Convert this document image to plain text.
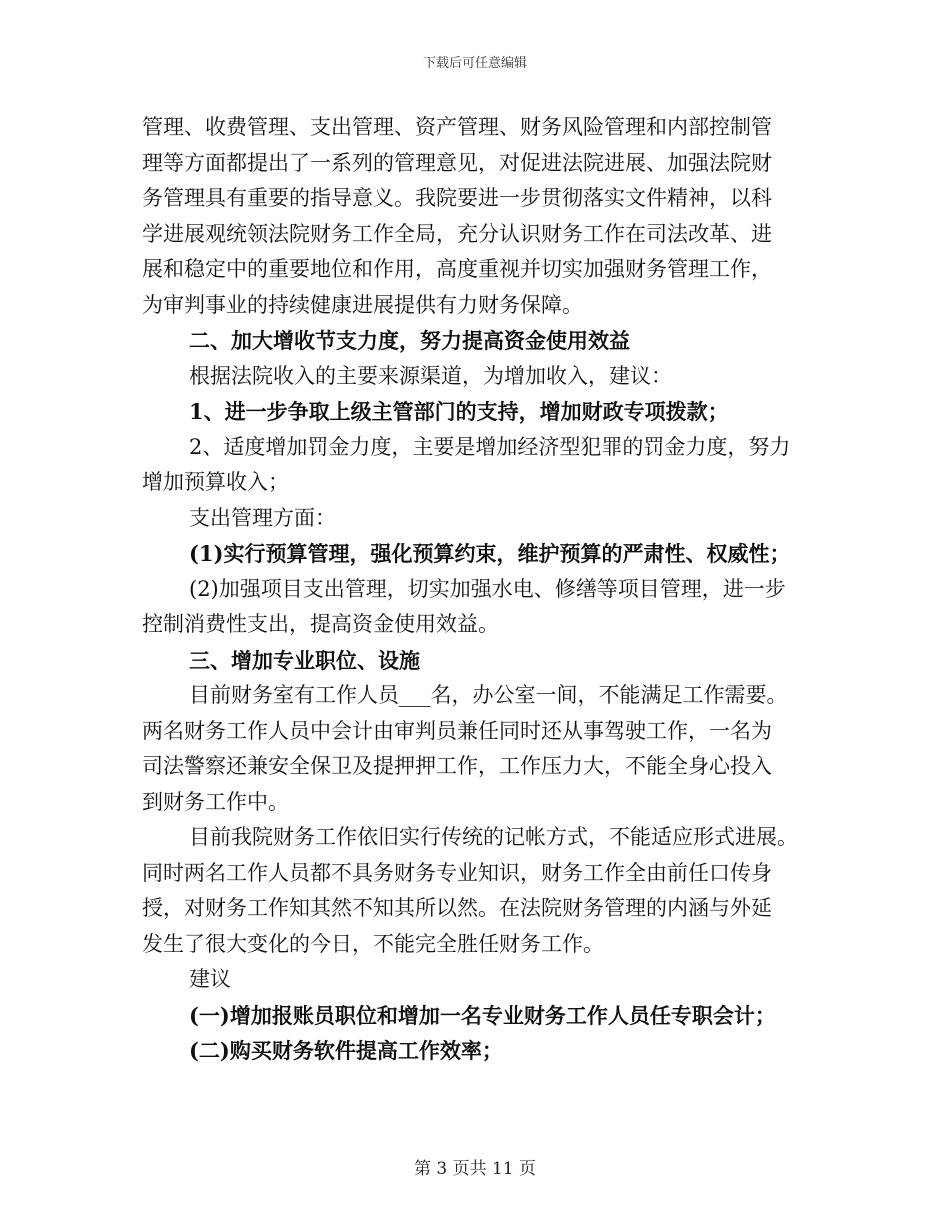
下载后可任意编辑
管理、收费管理、支出管理、资产管理、财务风险管理和内部控制管
理等方面都提出了一系列的管理意见，对促进法院进展、加强法院财
务管理具有重要的指导意义。我院要进一步贯彻落实文件精神，以科
学进展观统领法院财务工作全局，充分认识财务工作在司法改革、进
展和稳定中的重要地位和作用，高度重视并切实加强财务管理工作，
为审判事业的持续健康进展提供有力财务保障。
二、加大增收节支力度，努力提高资金使用效益
根据法院收入的主要来源渠道，为增加收入，建议：
1、进一步争取上级主管部门的支持，增加财政专项拨款；
2、适度增加罚金力度，主要是增加经济型犯罪的罚金力度，努力
增加预算收入；
支出管理方面：
(1)实行预算管理，强化预算约束，维护预算的严肃性、权威性；
(2)加强项目支出管理，切实加强水电、修缮等项目管理，进一步
控制消费性支出，提高资金使用效益。
三、增加专业职位、设施
目前财务室有工作人员___名，办公室一间，不能满足工作需要。
两名财务工作人员中会计由审判员兼任同时还从事驾驶工作，一名为
司法警察还兼安全保卫及提押押工作，工作压力大，不能全身心投入
到财务工作中。
目前我院财务工作依旧实行传统的记帐方式，不能适应形式进展。
同时两名工作人员都不具务财务专业知识，财务工作全由前任口传身
授，对财务工作知其然不知其所以然。在法院财务管理的内涵与外延
发生了很大变化的今日，不能完全胜任财务工作。
建议
(一)增加报账员职位和增加一名专业财务工作人员任专职会计；
(二)购买财务软件提高工作效率；
第 3 页共 11 页
